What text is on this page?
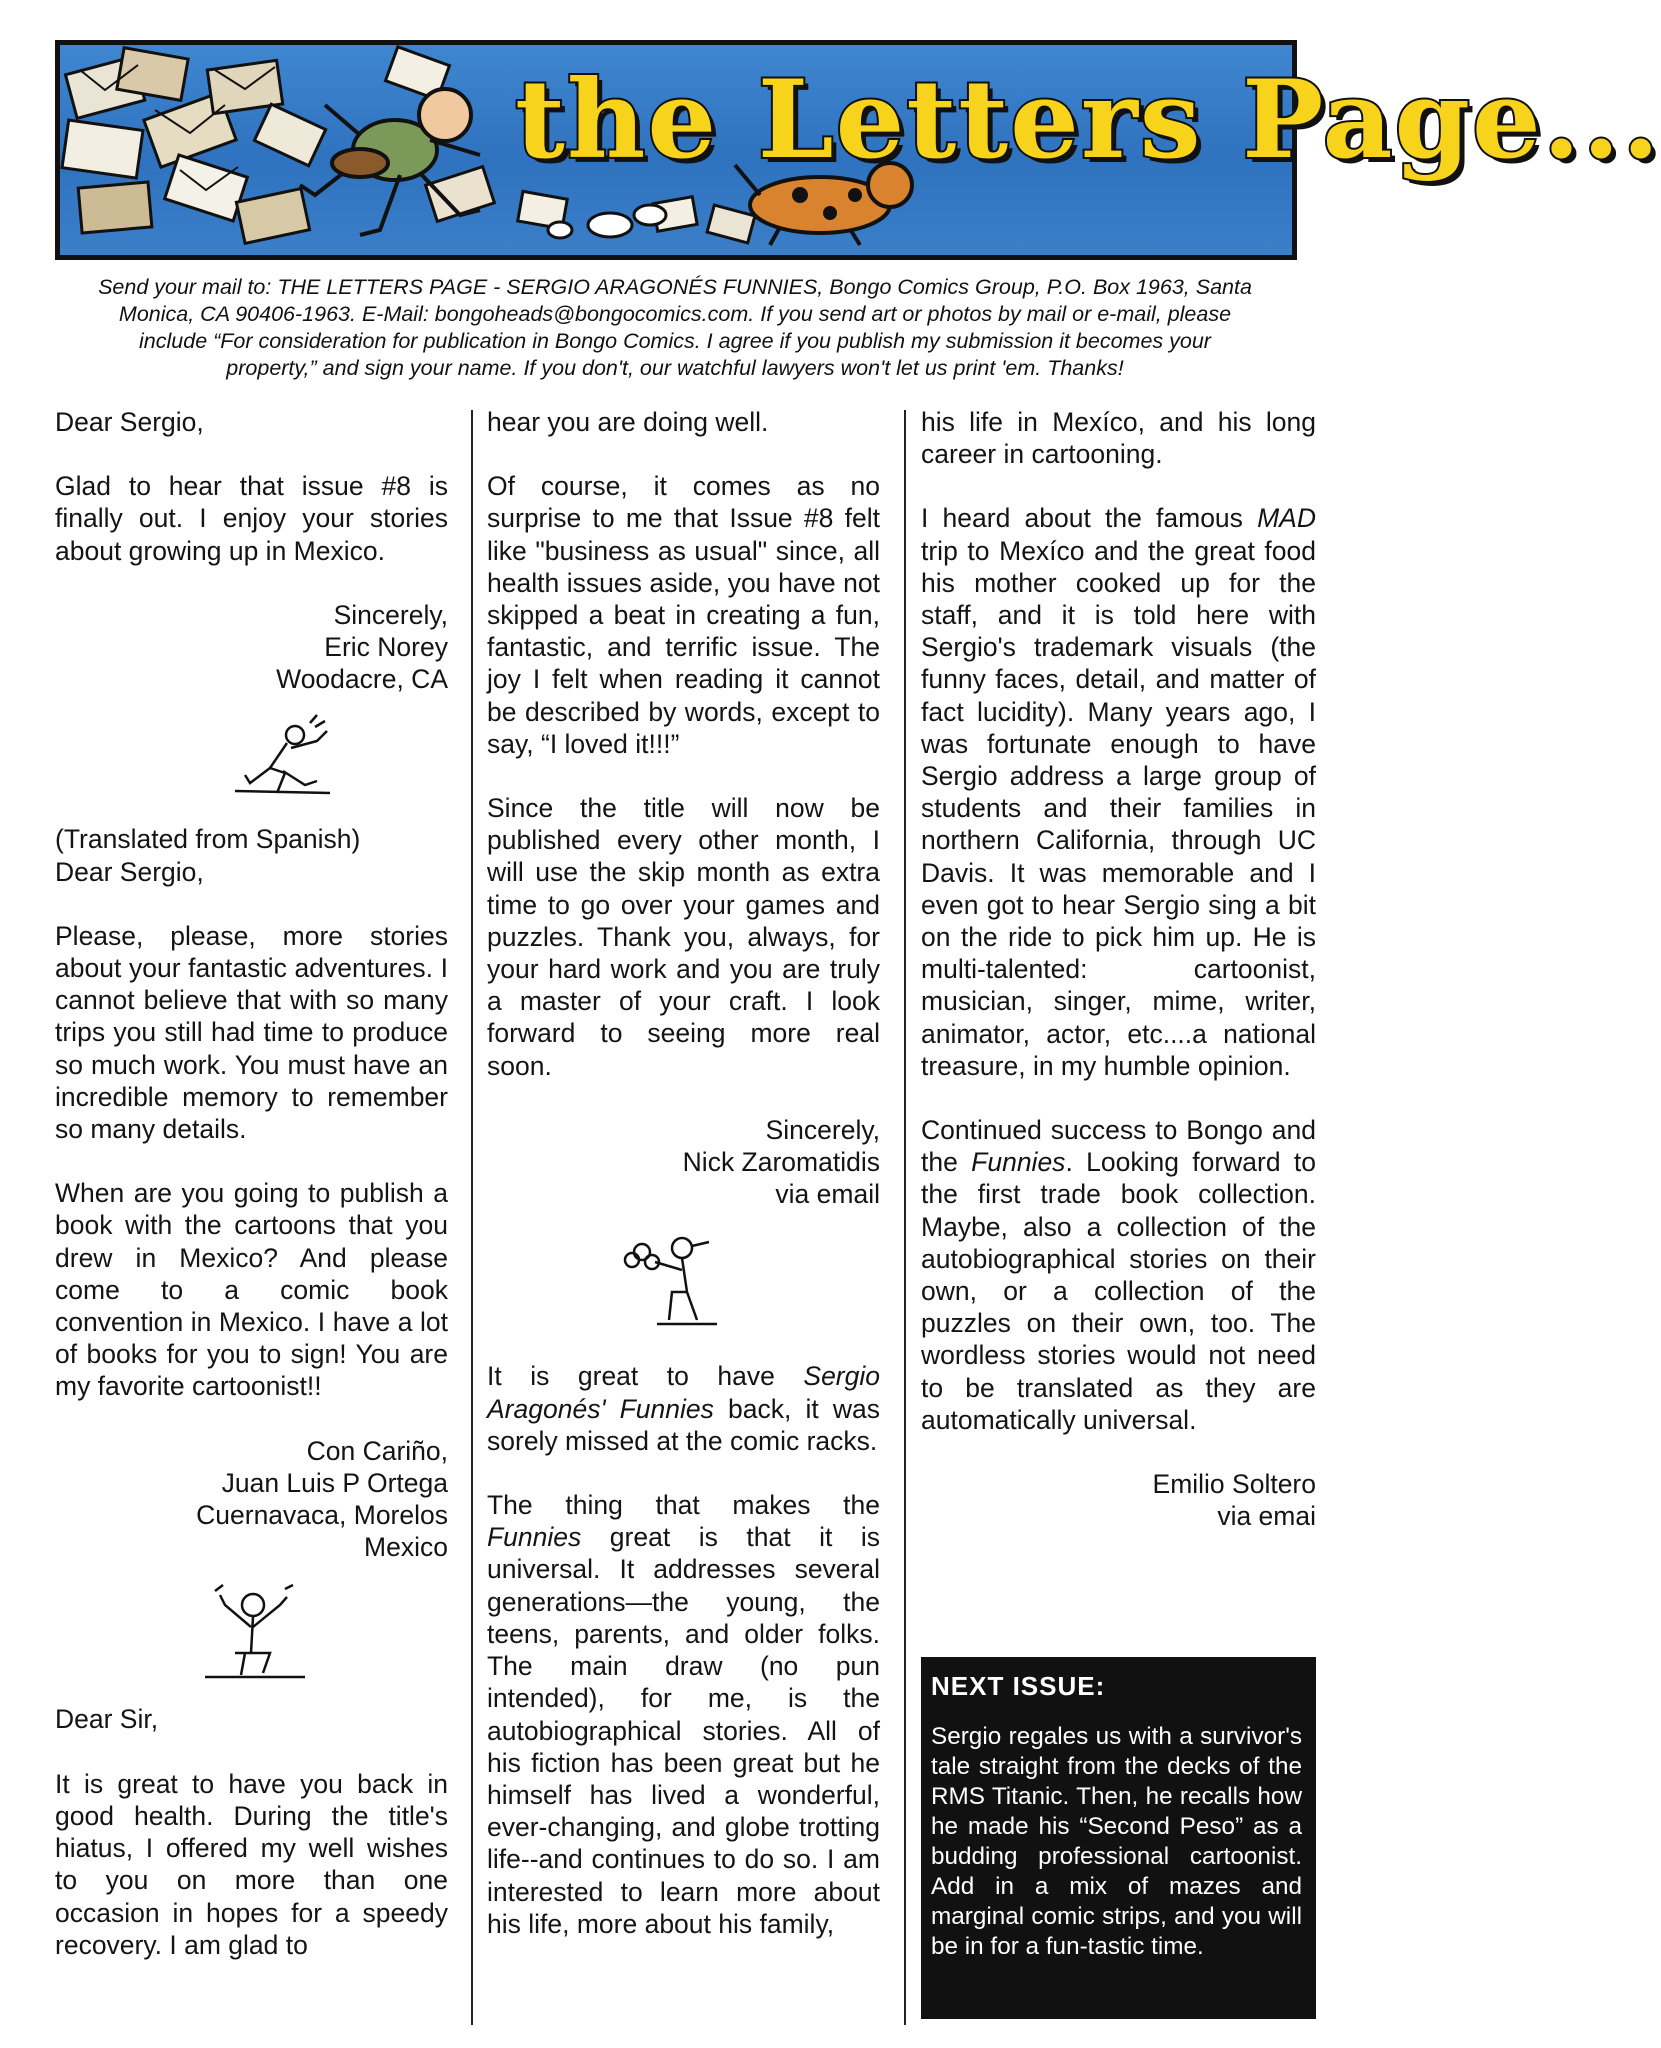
the Letters Page...
Send your mail to: THE LETTERS PAGE - SERGIO ARAGONÉS FUNNIES, Bongo Comics Group, P.O. Box 1963, Santa Monica, CA 90406-1963. E-Mail: bongoheads@bongocomics.com. If you send art or photos by mail or e-mail, please include “For consideration for publication in Bongo Comics. I agree if you publish my submission it becomes your property,” and sign your name. If you don't, our watchful lawyers won't let us print 'em. Thanks!

Dear Sergio,

Glad to hear that issue #8 is finally out. I enjoy your stories about growing up in Mexico.

Sincerely,
Eric Norey
Woodacre, CA

(Translated from Spanish)

Dear Sergio,

Please, please, more stories about your fantastic adventures. I cannot believe that with so many trips you still had time to produce so much work. You must have an incredible memory to remember so many details.

When are you going to publish a book with the cartoons that you drew in Mexico? And please come to a comic book convention in Mexico. I have a lot of books for you to sign! You are my favorite cartoonist!!

Con Cariño,
Juan Luis P Ortega
Cuernavaca, Morelos
Mexico

Dear Sir,

It is great to have you back in good health. During the title's hiatus, I offered my well wishes to you on more than one occasion in hopes for a speedy recovery. I am glad to

hear you are doing well.

Of course, it comes as no surprise to me that Issue #8 felt like "business as usual" since, all health issues aside, you have not skipped a beat in creating a fun, fantastic, and terrific issue. The joy I felt when reading it cannot be described by words, except to say, “I loved it!!!”

Since the title will now be published every other month, I will use the skip month as extra time to go over your games and puzzles. Thank you, always, for your hard work and you are truly a master of your craft. I look forward to seeing more real soon.

Sincerely,
Nick Zaromatidis
via email

It is great to have Sergio Aragonés' Funnies back, it was sorely missed at the comic racks.

The thing that makes the Funnies great is that it is universal. It addresses several generations—the young, the teens, parents, and older folks. The main draw (no pun intended), for me, is the autobiographical stories. All of his fiction has been great but he himself has lived a wonderful, ever-changing, and globe trotting life--and continues to do so. I am interested to learn more about his life, more about his family,

his life in Mexíco, and his long career in cartooning.

I heard about the famous MAD trip to Mexíco and the great food his mother cooked up for the staff, and it is told here with Sergio's trademark visuals (the funny faces, detail, and matter of fact lucidity). Many years ago, I was fortunate enough to have Sergio address a large group of students and their families in northern California, through UC Davis. It was memorable and I even got to hear Sergio sing a bit on the ride to pick him up. He is multi-talented: cartoonist, musician, singer, mime, writer, animator, actor, etc....a national treasure, in my humble opinion.

Continued success to Bongo and the Funnies. Looking forward to the first trade book collection. Maybe, also a collection of the autobiographical stories on their own, or a collection of the puzzles on their own, too. The wordless stories would not need to be translated as they are automatically universal.

Emilio Soltero
via emai
NEXT ISSUE:
Sergio regales us with a survivor's tale straight from the decks of the RMS Titanic. Then, he recalls how he made his “Second Peso” as a budding professional cartoonist. Add in a mix of mazes and marginal comic strips, and you will be in for a fun-tastic time.
